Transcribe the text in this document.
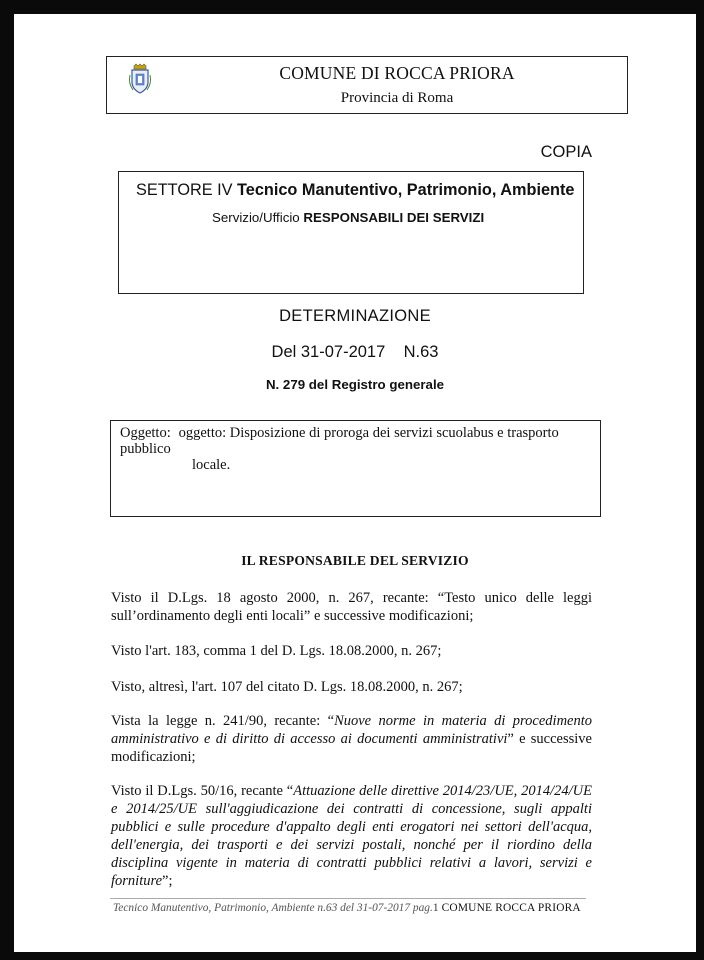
COMUNE DI ROCCA PRIORA
Provincia di Roma
COPIA
SETTORE IV Tecnico Manutentivo, Patrimonio, Ambiente
Servizio/Ufficio RESPONSABILI DEI SERVIZI
DETERMINAZIONE
Del 31-07-2017    N.63
N. 279 del Registro generale
Oggetto: oggetto: Disposizione di proroga dei servizi scuolabus e trasporto pubblico
locale.
IL RESPONSABILE DEL SERVIZIO
Visto il D.Lgs. 18 agosto 2000, n. 267, recante: “Testo unico delle leggi sull’ordinamento degli enti locali” e successive modificazioni;
Visto l'art. 183, comma 1 del D. Lgs. 18.08.2000, n. 267;
Visto, altresì, l'art. 107 del citato D. Lgs. 18.08.2000, n. 267;
Vista la legge n. 241/90, recante: “Nuove norme in materia di procedimento amministrativo e di diritto di accesso ai documenti amministrativi” e successive modificazioni;
Visto il D.Lgs. 50/16, recante “Attuazione delle direttive 2014/23/UE, 2014/24/UE e 2014/25/UE sull'aggiudicazione dei contratti di concessione, sugli appalti pubblici e sulle procedure d'appalto degli enti erogatori nei settori dell'acqua, dell'energia, dei trasporti e dei servizi postali, nonché per il riordino della disciplina vigente in materia di contratti pubblici relativi a lavori, servizi e forniture”;
Tecnico Manutentivo, Patrimonio, Ambiente n.63 del 31-07-2017 pag.1 COMUNE ROCCA PRIORA
